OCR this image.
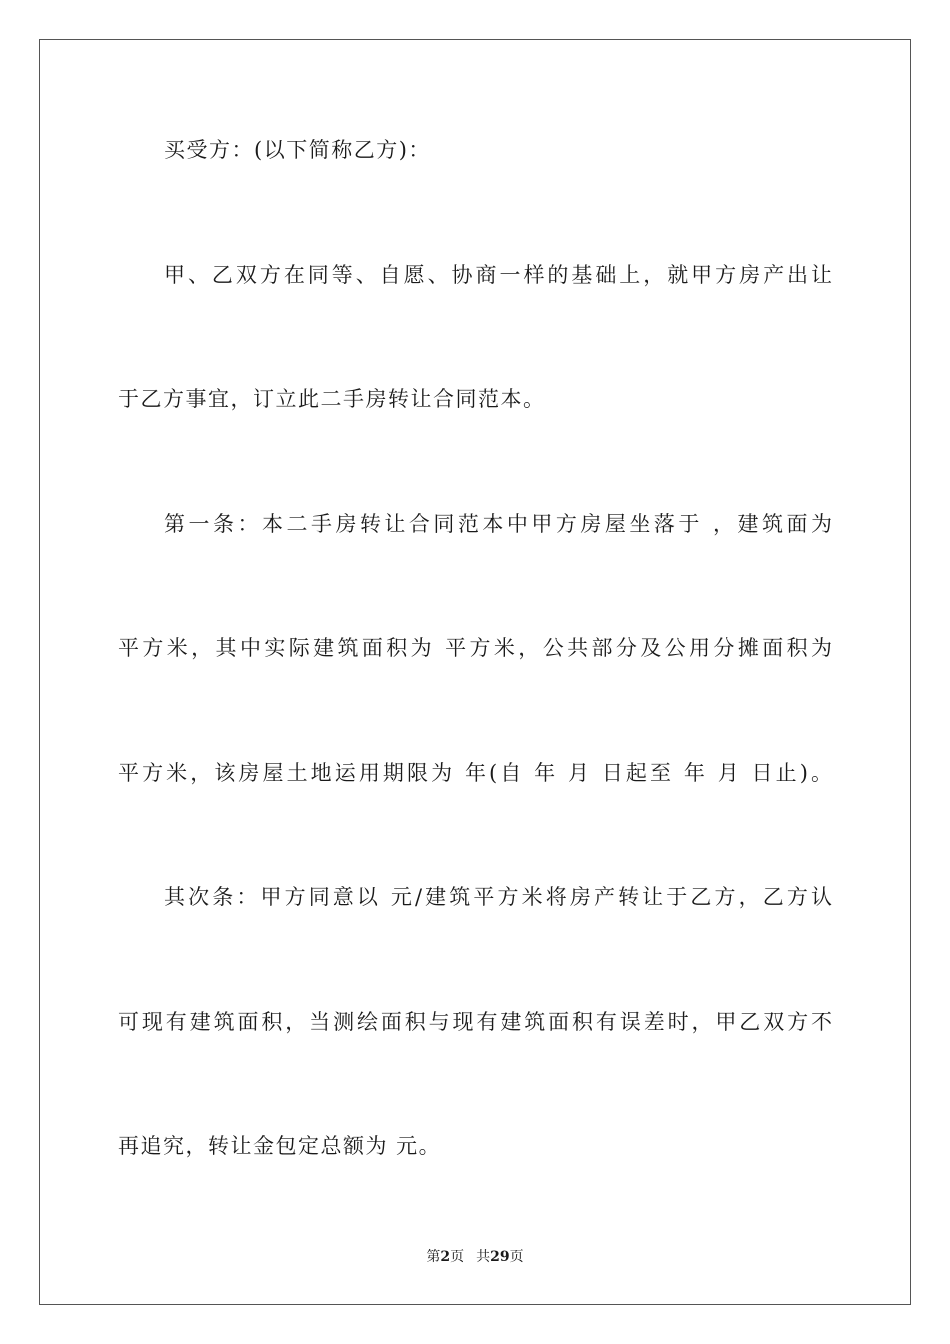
买受方：(以下简称乙方)：
甲、乙双方在同等、自愿、协商一样的基础上，就甲方房产出让
于乙方事宜，订立此二手房转让合同范本。
第一条：本二手房转让合同范本中甲方房屋坐落于 ，建筑面为
平方米，其中实际建筑面积为 平方米，公共部分及公用分摊面积为
平方米，该房屋土地运用期限为 年(自 年 月 日起至 年 月 日止)。
其次条：甲方同意以 元/建筑平方米将房产转让于乙方，乙方认
可现有建筑面积，当测绘面积与现有建筑面积有误差时，甲乙双方不
再追究，转让金包定总额为 元。
第2页 共29页
